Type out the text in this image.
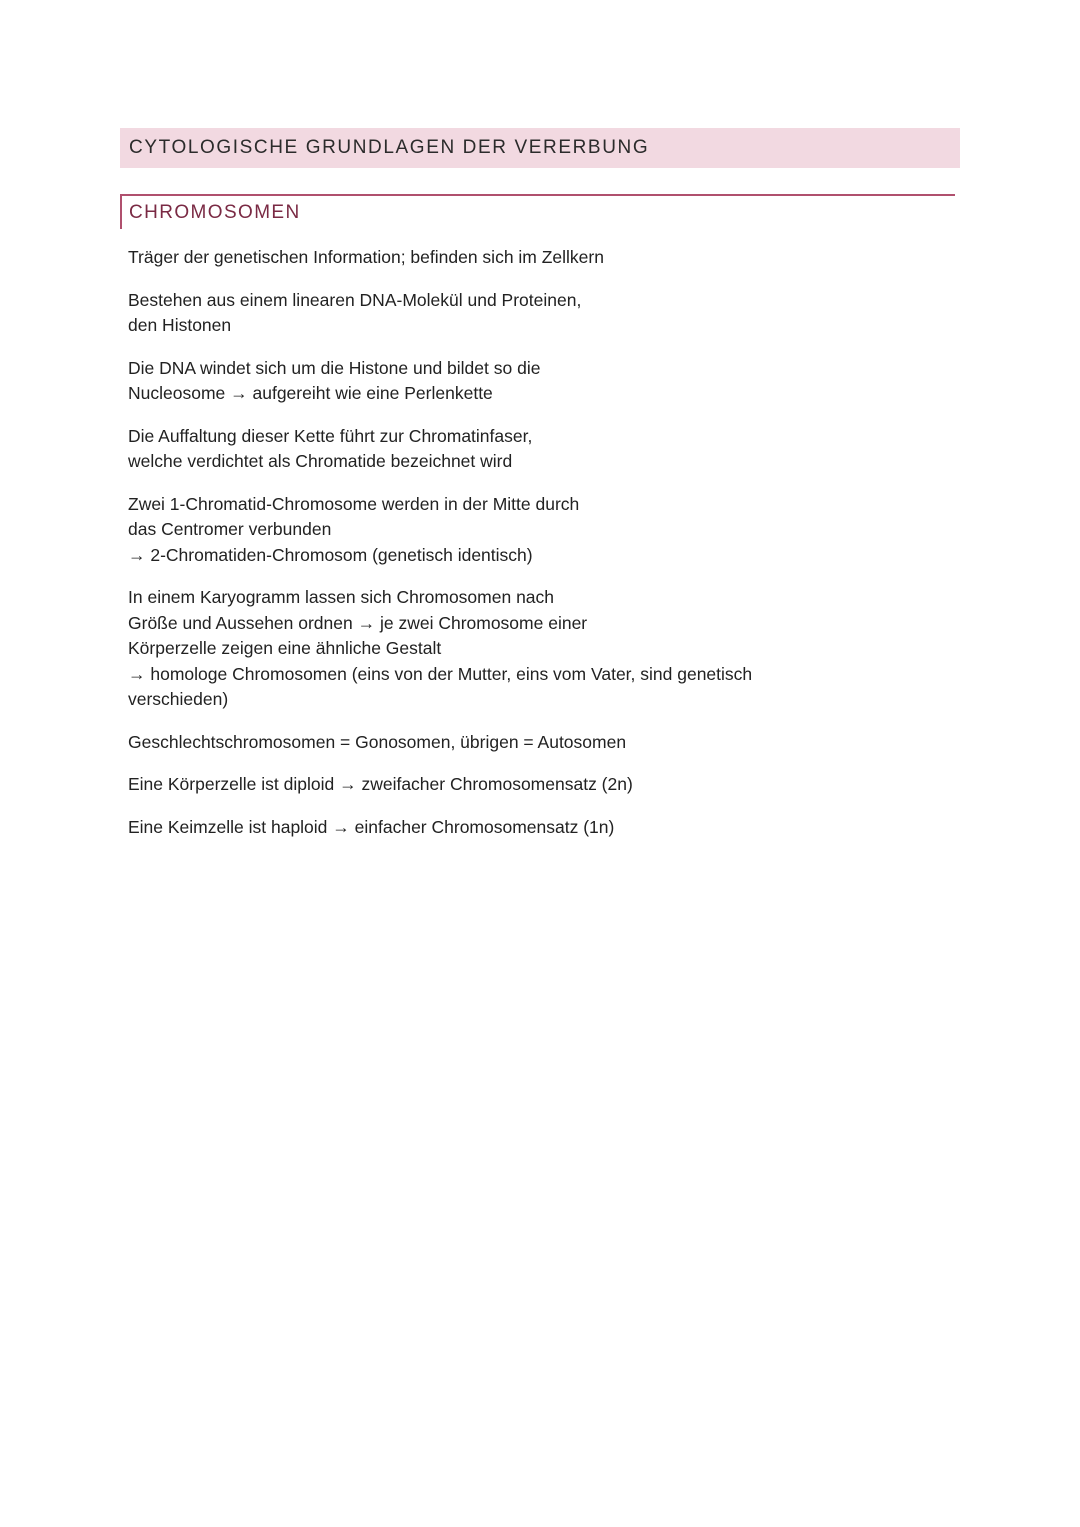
CYTOLOGISCHE GRUNDLAGEN DER VERERBUNG
CHROMOSOMEN
Träger der genetischen Information; befinden sich im Zellkern
Bestehen aus einem linearen DNA-Molekül und Proteinen,
den Histonen
Die DNA windet sich um die Histone und bildet so die
Nucleosome → aufgereiht wie eine Perlenkette
Die Auffaltung dieser Kette führt zur Chromatinfaser,
welche verdichtet als Chromatide bezeichnet wird
Zwei 1-Chromatid-Chromosome werden in der Mitte durch
das Centromer verbunden
→ 2-Chromatiden-Chromosom (genetisch identisch)
In einem Karyogramm lassen sich Chromosomen nach
Größe und Aussehen ordnen → je zwei Chromosome einer
Körperzelle zeigen eine ähnliche Gestalt
→ homologe Chromosomen (eins von der Mutter, eins vom Vater, sind genetisch
verschieden)
Geschlechtschromosomen = Gonosomen, übrigen = Autosomen
Eine Körperzelle ist diploid → zweifacher Chromosomensatz (2n)
Eine Keimzelle ist haploid → einfacher Chromosomensatz (1n)
